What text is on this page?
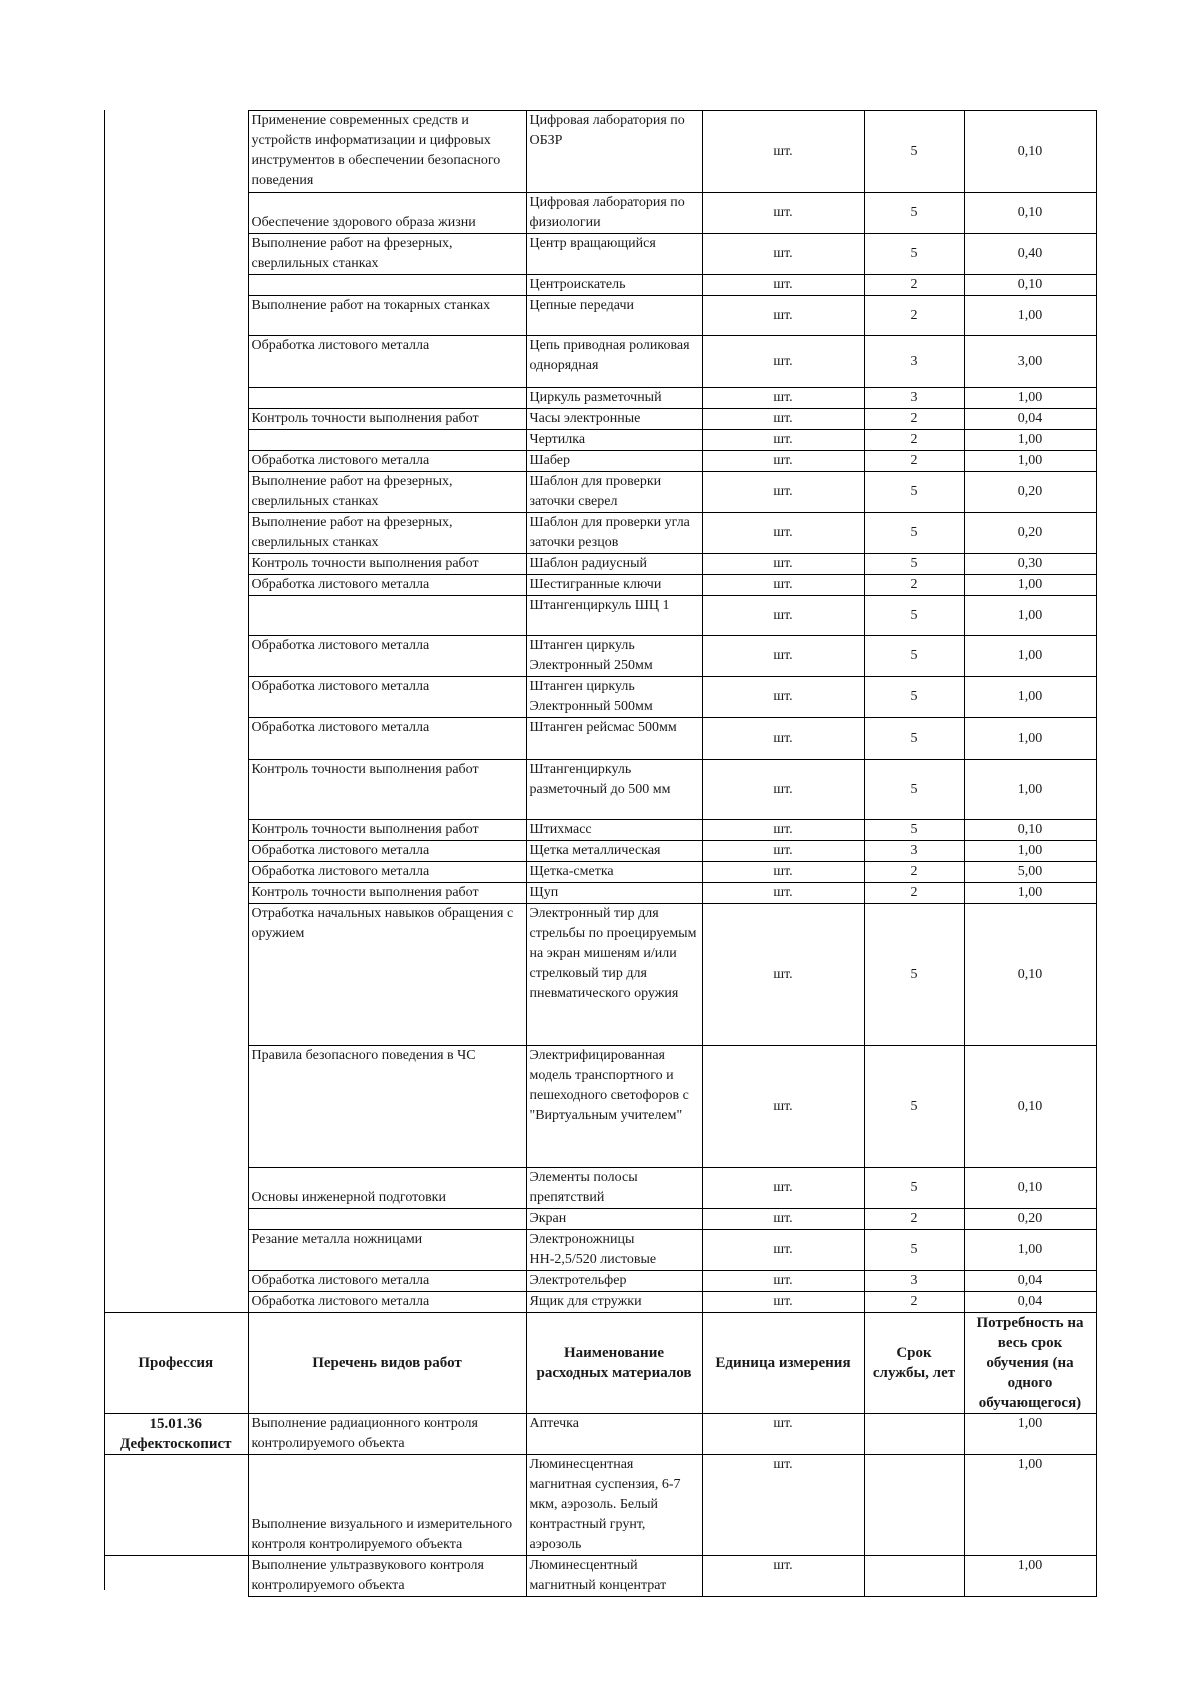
	Применение современных средств и устройств информатизации и цифровых инструментов в обеспечении безопасного поведения	Цифровая лаборатория по ОБЗР	шт.	5	0,10
	Обеспечение здорового образа жизни	Цифровая лаборатория по физиологии	шт.	5	0,10
	Выполнение работ на фрезерных, сверлильных станках	Центр вращающийся	шт.	5	0,40
		Центроискатель	шт.	2	0,10
	Выполнение работ на токарных станках	Цепные передачи	шт.	2	1,00
	Обработка листового металла	Цепь приводная роликовая однорядная	шт.	3	3,00
		Циркуль разметочный	шт.	3	1,00
	Контроль точности выполнения работ	Часы электронные	шт.	2	0,04
		Чертилка	шт.	2	1,00
	Обработка листового металла	Шабер	шт.	2	1,00
	Выполнение работ на фрезерных, сверлильных станках	Шаблон для проверки заточки сверел	шт.	5	0,20
	Выполнение работ на фрезерных, сверлильных станках	Шаблон для проверки угла заточки резцов	шт.	5	0,20
	Контроль точности выполнения работ	Шаблон радиусный	шт.	5	0,30
	Обработка листового металла	Шестигранные ключи	шт.	2	1,00
		Штангенциркуль ШЦ 1	шт.	5	1,00
	Обработка листового металла	Штанген циркуль Электронный 250мм	шт.	5	1,00
	Обработка листового металла	Штанген циркуль Электронный 500мм	шт.	5	1,00
	Обработка листового металла	Штанген рейсмас 500мм	шт.	5	1,00
	Контроль точности выполнения работ	Штангенциркуль разметочный до 500 мм	шт.	5	1,00
	Контроль точности выполнения работ	Штихмасс	шт.	5	0,10
	Обработка листового металла	Щетка металлическая	шт.	3	1,00
	Обработка листового металла	Щетка-сметка	шт.	2	5,00
	Контроль точности выполнения работ	Щуп	шт.	2	1,00
	Отработка начальных навыков обращения с оружием	Электронный тир для стрельбы по проецируемым на экран мишеням и/или стрелковый тир для пневматического оружия	шт.	5	0,10
	Правила безопасного поведения в ЧС	Электрифицированная модель транспортного и пешеходного светофоров с "Виртуальным учителем"	шт.	5	0,10
	Основы инженерной подготовки	Элементы полосы препятствий	шт.	5	0,10
		Экран	шт.	2	0,20
	Резание металла ножницами	Электроножницы НН-2,5/520 листовые	шт.	5	1,00
	Обработка листового металла	Электротельфер	шт.	3	0,04
	Обработка листового металла	Ящик для стружки	шт.	2	0,04
Профессия	Перечень видов работ	Наименование расходных материалов	Единица измерения	Срок службы, лет	Потребность на весь срок обучения (на одного обучающегося)

15.01.36
Дефектоскопист	Выполнение радиационного контроля контролируемого объекта	Аптечка	шт.		1,00
	Выполнение визуального и измерительного контроля контролируемого объекта	Люминесцентная магнитная суспензия, 6-7 мкм, аэрозоль. Белый контрастный грунт, аэрозоль	шт.		1,00
	Выполнение ультразвукового контроля контролируемого объекта	Люминесцентный магнитный концентрат	шт.		1,00
